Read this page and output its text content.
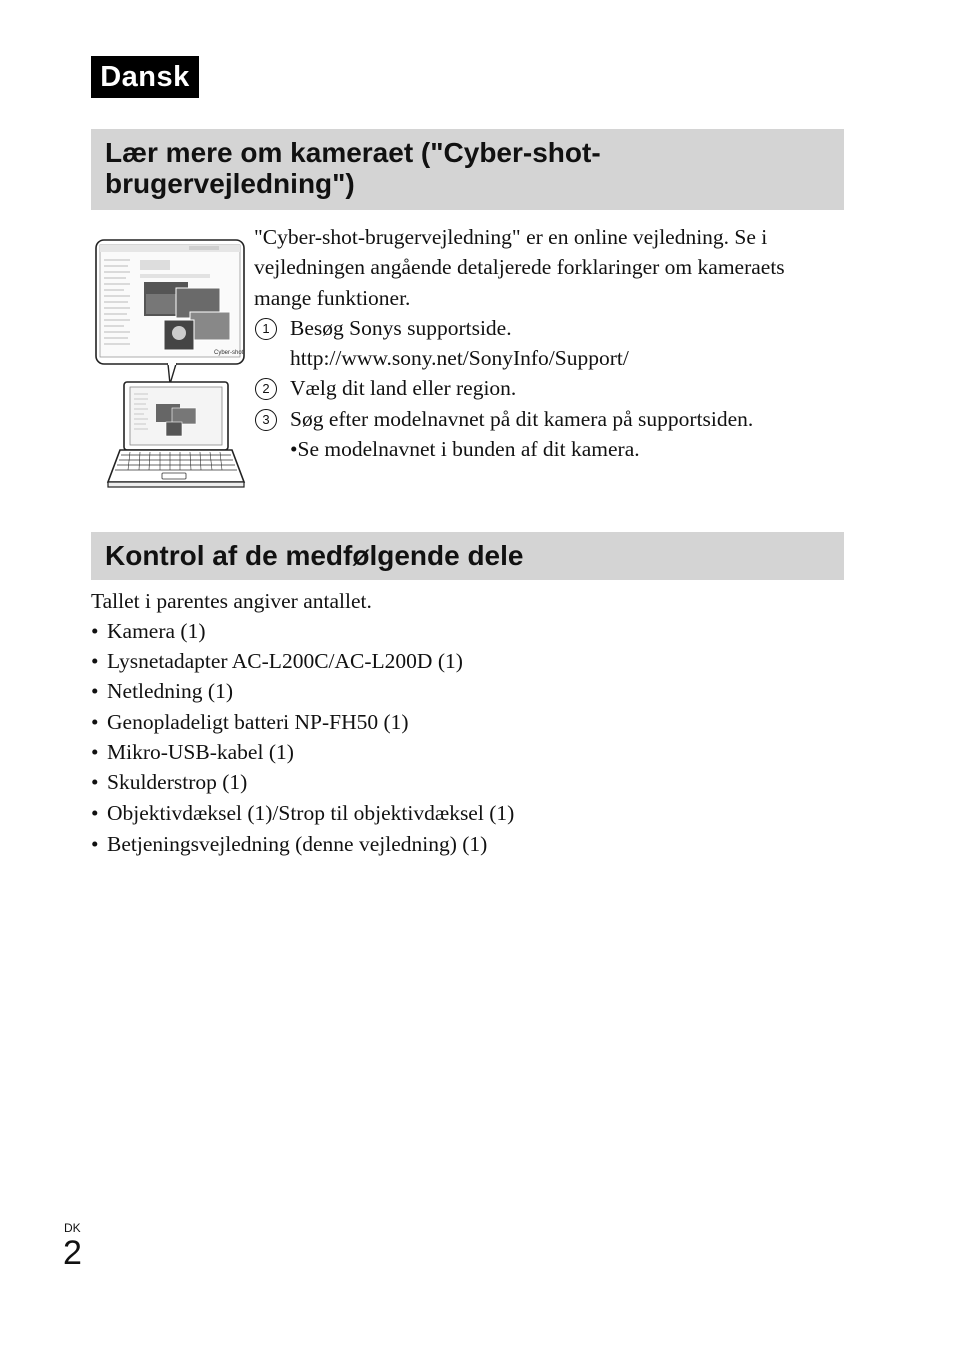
Dansk
Lær mere om kameraet ("Cyber-shot-
brugervejledning")
Cyber-shot
"Cyber-shot-brugervejledning" er en online vejledning. Se i
vejledningen angående detaljerede forklaringer om kameraets
mange funktioner.
1 Besøg Sonys supportside.
http://www.sony.net/SonyInfo/Support/
2 Vælg dit land eller region.
3 Søg efter modelnavnet på dit kamera på supportsiden.
•Se modelnavnet i bunden af dit kamera.
Kontrol af de medfølgende dele
Tallet i parentes angiver antallet.
• Kamera (1)
• Lysnetadapter AC-L200C/AC-L200D (1)
• Netledning (1)
• Genopladeligt batteri NP-FH50 (1)
• Mikro-USB-kabel (1)
• Skulderstrop (1)
• Objektivdæksel (1)/Strop til objektivdæksel (1)
• Betjeningsvejledning (denne vejledning) (1)
DK
2
